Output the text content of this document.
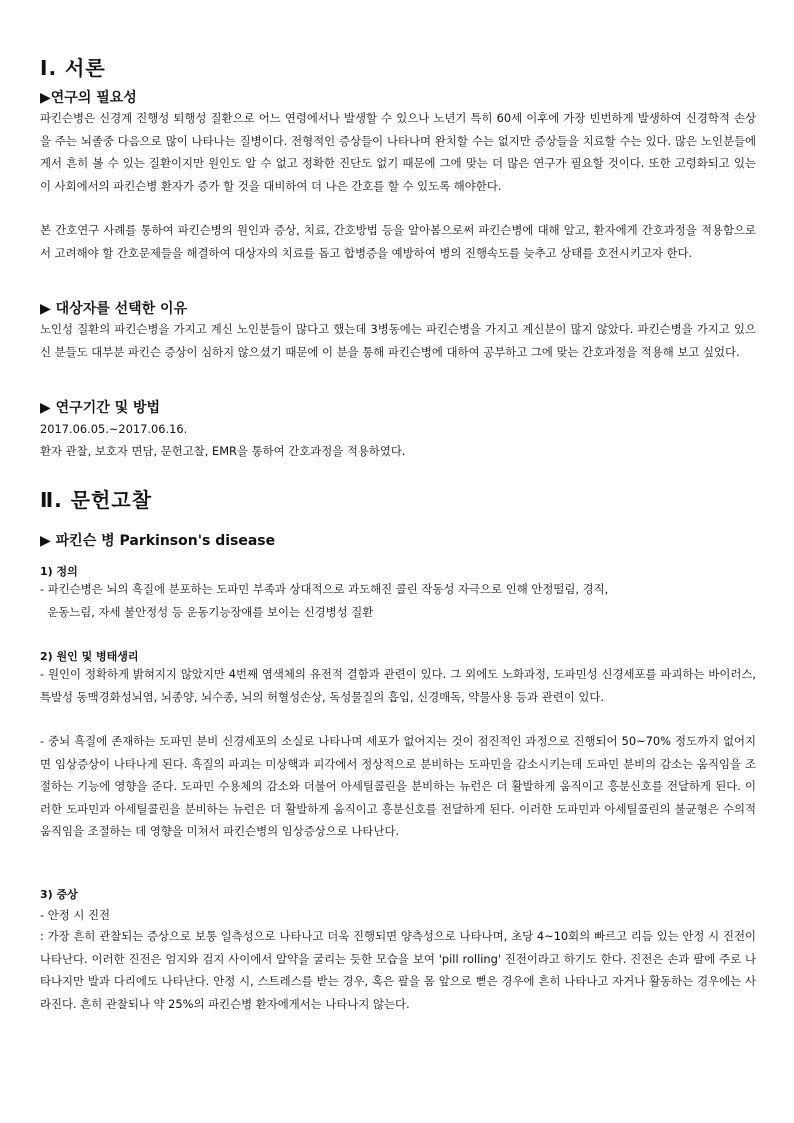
Ⅰ. 서론
▶연구의 필요성
파킨슨병은 신경계 진행성 퇴행성 질환으로 어느 연령에서나 발생할 수 있으나 노년기 특히 60세 이후에 가장 빈번하게 발생하여 신경학적 손상을 주는 뇌졸중 다음으로 많이 나타나는 질병이다. 전형적인 증상들이 나타나며 완치할 수는 없지만 증상들을 치료할 수는 있다. 많은 노인분들에게서 흔히 볼 수 있는 질환이지만 원인도 알 수 없고 정확한 진단도 없기 때문에 그에 맞는 더 많은 연구가 필요할 것이다. 또한 고령화되고 있는 이 사회에서의 파킨슨병 환자가 증가 할 것을 대비하여 더 나은 간호를 할 수 있도록 해야한다.
본 간호연구 사례를 통하여 파킨슨병의 원인과 증상, 치료, 간호방법 등을 알아봄으로써 파킨슨병에 대해 알고, 환자에게 간호과정을 적용함으로서 고려해야 할 간호문제들을 해결하여 대상자의 치료를 돕고 합병증을 예방하여 병의 진행속도를 늦추고 상태를 호전시키고자 한다.
▶ 대상자를 선택한 이유
노인성 질환의 파킨슨병을 가지고 계신 노인분들이 많다고 했는데 3병동에는 파킨슨병을 가지고 계신분이 많지 않았다. 파킨슨병을 가지고 있으신 분들도 대부분 파킨슨 증상이 심하지 않으셨기 때문에 이 분을 통해 파킨슨병에 대하여 공부하고 그에 맞는 간호과정을 적용해 보고 싶었다.
▶ 연구기간 및 방법
2017.06.05.~2017.06.16.
환자 관찰, 보호자 면담, 문헌고찰, EMR을 통하여 간호과정을 적용하였다.
Ⅱ. 문헌고찰
▶ 파킨슨 병 Parkinson's disease
1) 정의
- 파킨슨병은 뇌의 흑질에 분포하는 도파민 부족과 상대적으로 과도해진 콜린 작동성 자극으로 인해 안정떨림, 경직,
운동느림, 자세 불안정성 등 운동기능장애를 보이는 신경병성 질환
2) 원인 및 병태생리
- 원인이 정확하게 밝혀지지 않았지만 4번째 염색체의 유전적 결함과 관련이 있다. 그 외에도 노화과정, 도파민성 신경세포를 파괴하는 바이러스, 특발성 동맥경화성뇌염, 뇌종양, 뇌수종, 뇌의 허혈성손상, 독성물질의 흡입, 신경매독, 약물사용 등과 관련이 있다.
- 중뇌 흑질에 존재하는 도파민 분비 신경세포의 소실로 나타나며 세포가 없어지는 것이 점진적인 과정으로 진행되어 50~70% 정도까지 없어지면 임상증상이 나타나게 된다. 흑질의 파괴는 미상핵과 피각에서 정상적으로 분비하는 도파민을 감소시키는데 도파민 분비의 감소는 움직임을 조절하는 기능에 영향을 준다. 도파민 수용체의 감소와 더불어 아세틸콜린을 분비하는 뉴런은 더 활발하게 움직이고 흥분신호를 전달하게 된다. 이러한 도파민과 아세틸콜린을 분비하는 뉴런은 더 활발하게 움직이고 흥분신호를 전달하게 된다. 이러한 도파민과 아세틸콜린의 불균형은 수의적 움직임을 조절하는 데 영향을 미쳐서 파킨슨병의 임상증상으로 나타난다.
3) 증상
- 안정 시 진전
: 가장 흔히 관찰되는 증상으로 보통 일측성으로 나타나고 더욱 진행되면 양측성으로 나타나며, 초당 4~10회의 빠르고 리듬 있는 안정 시 진전이 나타난다. 이러한 진전은 엄지와 검지 사이에서 알약을 굴리는 듯한 모습을 보여 'pill rolling' 진전이라고 하기도 한다. 진전은 손과 팔에 주로 나타나지만 발과 다리에도 나타난다. 안정 시, 스트레스를 받는 경우, 혹은 팔을 몸 앞으로 뻗은 경우에 흔히 나타나고 자거나 활동하는 경우에는 사라진다. 흔히 관찰되나 약 25%의 파킨슨병 환자에게서는 나타나지 않는다.
